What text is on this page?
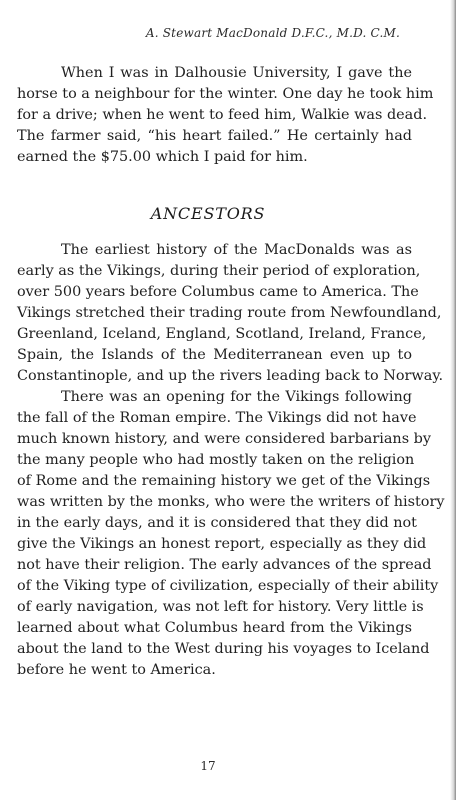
A. Stewart MacDonald D.F.C., M.D. C.M.
When I was in Dalhousie University, I gave the
horse to a neighbour for the winter. One day he took him
for a drive; when he went to feed him, Walkie was dead.
The farmer said, “his heart failed.” He certainly had
earned the $75.00 which I paid for him.
ANCESTORS
The earliest history of the MacDonalds was as
early as the Vikings, during their period of exploration,
over 500 years before Columbus came to America. The
Vikings stretched their trading route from Newfoundland,
Greenland, Iceland, England, Scotland, Ireland, France,
Spain, the Islands of the Mediterranean even up to
Constantinople, and up the rivers leading back to Norway.
There was an opening for the Vikings following
the fall of the Roman empire. The Vikings did not have
much known history, and were considered barbarians by
the many people who had mostly taken on the religion
of Rome and the remaining history we get of the Vikings
was written by the monks, who were the writers of history
in the early days, and it is considered that they did not
give the Vikings an honest report, especially as they did
not have their religion. The early advances of the spread
of the Viking type of civilization, especially of their ability
of early navigation, was not left for history. Very little is
learned about what Columbus heard from the Vikings
about the land to the West during his voyages to Iceland
before he went to America.
17
